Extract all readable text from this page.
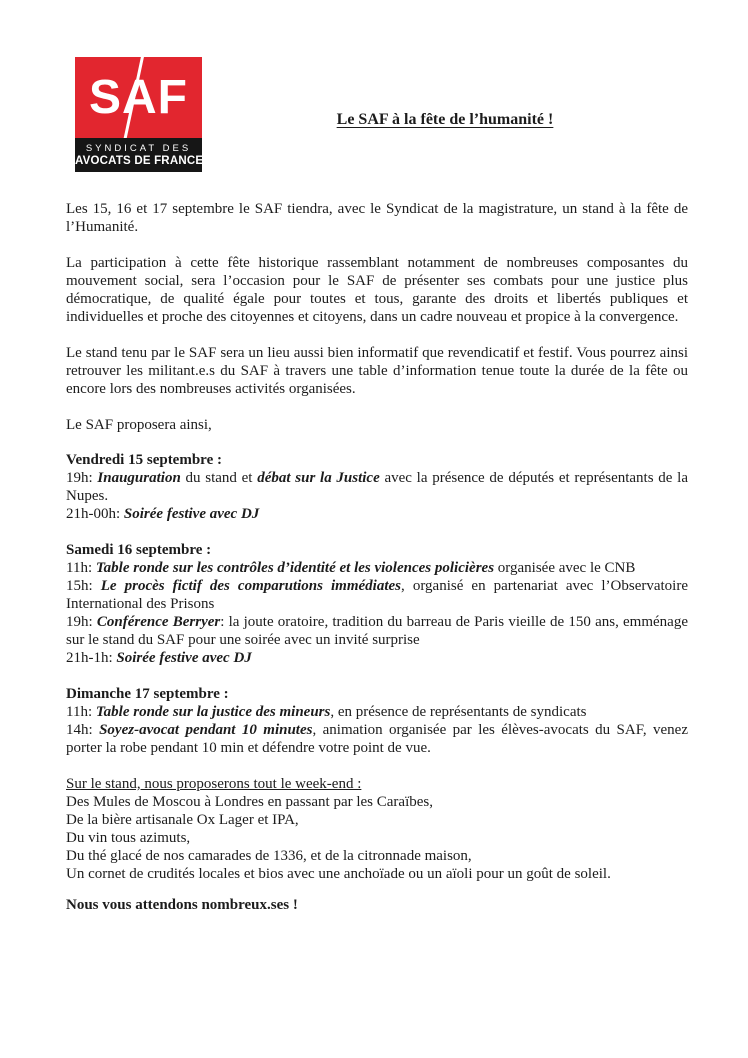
SAF
SYNDICAT DES
AVOCATS DE FRANCE
Le SAF à la fête de l’humanité !
Les 15, 16 et 17 septembre le SAF tiendra, avec le Syndicat de la magistrature, un stand à la fête de l’Humanité.
La participation à cette fête historique rassemblant notamment de nombreuses composantes du mouvement social, sera l’occasion pour le SAF de présenter ses combats pour une justice plus démocratique, de qualité égale pour toutes et tous, garante des droits et libertés publiques et individuelles et proche des citoyennes et citoyens, dans un cadre nouveau et propice à la convergence.
Le stand tenu par le SAF sera un lieu aussi bien informatif que revendicatif et festif. Vous pourrez ainsi retrouver les militant.e.s du SAF à travers une table d’information tenue toute la durée de la fête ou encore lors des nombreuses activités organisées.
Le SAF proposera ainsi,
Vendredi 15 septembre :
19h: Inauguration du stand et débat sur la Justice avec la présence de députés et représentants de la Nupes.
21h-00h: Soirée festive avec DJ
Samedi 16 septembre :
11h: Table ronde sur les contrôles d’identité et les violences policières organisée avec le CNB
15h: Le procès fictif des comparutions immédiates, organisé en partenariat avec l’Observatoire International des Prisons
19h: Conférence Berryer: la joute oratoire, tradition du barreau de Paris vieille de 150 ans, emménage sur le stand du SAF pour une soirée avec un invité surprise
21h-1h: Soirée festive avec DJ
Dimanche 17 septembre :
11h: Table ronde sur la justice des mineurs, en présence de représentants de syndicats
14h: Soyez-avocat pendant 10 minutes, animation organisée par les élèves-avocats du SAF, venez porter la robe pendant 10 min et défendre votre point de vue.
Sur le stand, nous proposerons tout le week-end :
Des Mules de Moscou à Londres en passant par les Caraïbes,
De la bière artisanale Ox Lager et IPA,
Du vin tous azimuts,
Du thé glacé de nos camarades de 1336, et de la citronnade maison,
Un cornet de crudités locales et bios avec une anchoïade ou un aïoli pour un goût de soleil.
Nous vous attendons nombreux.ses !
